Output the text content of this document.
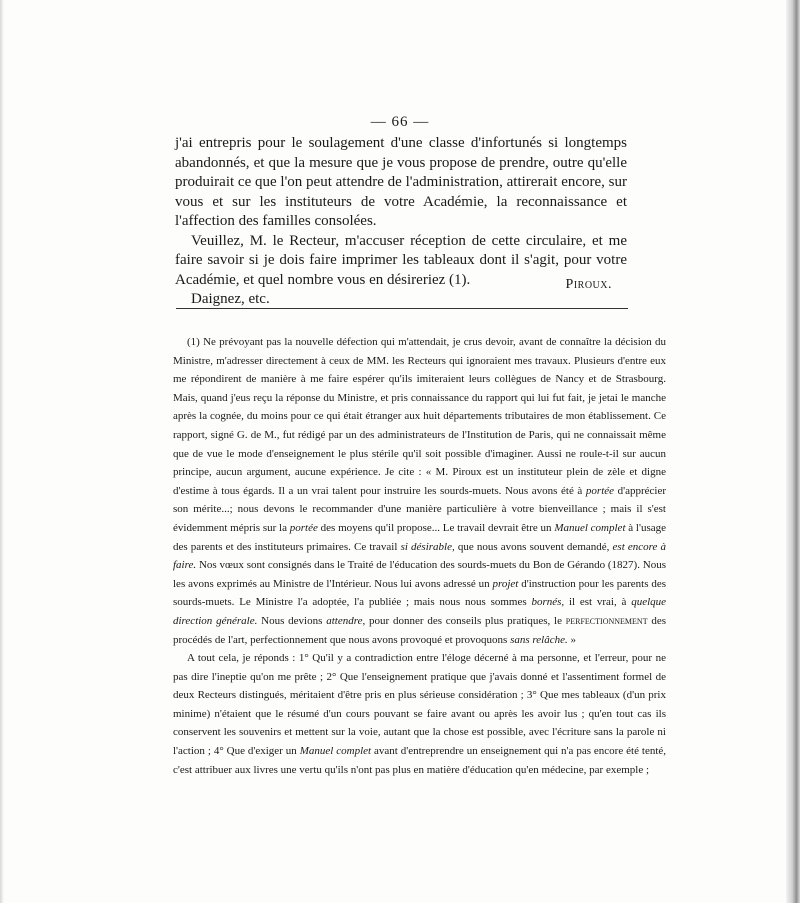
— 66 —

j'ai entrepris pour le soulagement d'une classe d'infortunés si longtemps abandonnés, et que la mesure que je vous propose de prendre, outre qu'elle produirait ce que l'on peut attendre de l'administration, attirerait encore, sur vous et sur les instituteurs de votre Académie, la reconnaissance et l'affection des familles consolées.

Veuillez, M. le Recteur, m'accuser réception de cette circulaire, et me faire savoir si je dois faire imprimer les tableaux dont il s'agit, pour votre Académie, et quel nombre vous en désireriez (1).

Daignez, etc.

Piroux.

(1) Ne prévoyant pas la nouvelle défection qui m'attendait, je crus devoir, avant de connaître la décision du Ministre, m'adresser directement à ceux de MM. les Recteurs qui ignoraient mes travaux. Plusieurs d'entre eux me répondirent de manière à me faire espérer qu'ils imiteraient leurs collègues de Nancy et de Strasbourg. Mais, quand j'eus reçu la réponse du Ministre, et pris connaissance du rapport qui lui fut fait, je jetai le manche après la cognée, du moins pour ce qui était étranger aux huit départements tributaires de mon établissement. Ce rapport, signé G. de M., fut rédigé par un des administrateurs de l'Institution de Paris, qui ne connaissait même que de vue le mode d'enseignement le plus stérile qu'il soit possible d'imaginer. Aussi ne roule-t-il sur aucun principe, aucun argument, aucune expérience. Je cite : « M. Piroux est un instituteur plein de zèle et digne d'estime à tous égards. Il a un vrai talent pour instruire les sourds-muets. Nous avons été à portée d'apprécier son mérite...; nous devons le recommander d'une manière particulière à votre bienveillance ; mais il s'est évidemment mépris sur la portée des moyens qu'il propose... Le travail devrait être un Manuel complet à l'usage des parents et des instituteurs primaires. Ce travail si désirable, que nous avons souvent demandé, est encore à faire. Nos vœux sont consignés dans le Traité de l'éducation des sourds-muets du Bon de Gérando (1827). Nous les avons exprimés au Ministre de l'Intérieur. Nous lui avons adressé un projet d'instruction pour les parents des sourds-muets. Le Ministre l'a adoptée, l'a publiée ; mais nous nous sommes bornés, il est vrai, à quelque direction générale. Nous devions attendre, pour donner des conseils plus pratiques, le perfectionnement des procédés de l'art, perfectionnement que nous avons provoqué et provoquons sans relâche. »

A tout cela, je réponds : 1° Qu'il y a contradiction entre l'éloge décerné à ma personne, et l'erreur, pour ne pas dire l'ineptie qu'on me prête ; 2° Que l'enseignement pratique que j'avais donné et l'assentiment formel de deux Recteurs distingués, méritaient d'être pris en plus sérieuse considération ; 3° Que mes tableaux (d'un prix minime) n'étaient que le résumé d'un cours pouvant se faire avant ou après les avoir lus ; qu'en tout cas ils conservent les souvenirs et mettent sur la voie, autant que la chose est possible, avec l'écriture sans la parole ni l'action ; 4° Que d'exiger un Manuel complet avant d'entreprendre un enseignement qui n'a pas encore été tenté, c'est attribuer aux livres une vertu qu'ils n'ont pas plus en matière d'éducation qu'en médecine, par exemple ;
